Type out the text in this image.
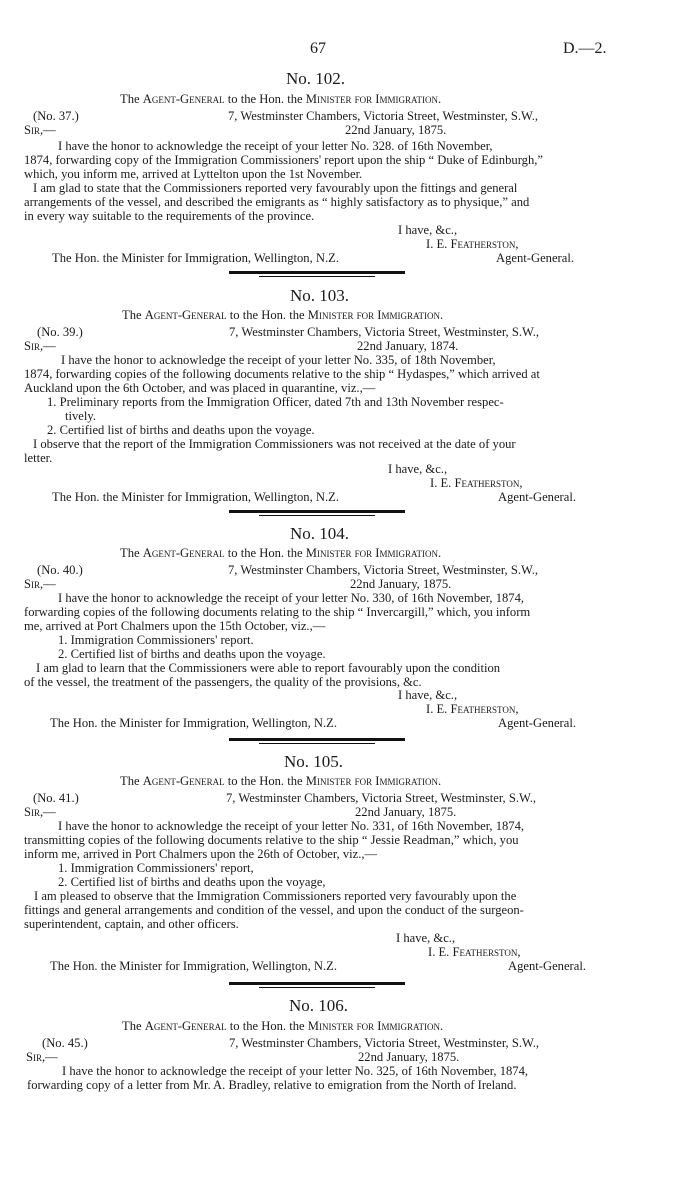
67	D.—2.
No. 102.
The Agent-General to the Hon. the Minister for Immigration.
(No. 37.)	7, Westminster Chambers, Victoria Street, Westminster, S.W.,
Sir,—	22nd January, 1875.
I have the honor to acknowledge the receipt of your letter No. 328. of 16th November,
1874, forwarding copy of the Immigration Commissioners' report upon the ship “ Duke of Edinburgh,”
which, you inform me, arrived at Lyttelton upon the 1st November.
I am glad to state that the Commissioners reported very favourably upon the fittings and general
arrangements of the vessel, and described the emigrants as “ highly satisfactory as to physique,” and
in every way suitable to the requirements of the province.
I have, &c.,
I. E. Featherston,
The Hon. the Minister for Immigration, Wellington, N.Z.	Agent-General.
No. 103.
The Agent-General to the Hon. the Minister for Immigration.
(No. 39.)	7, Westminster Chambers, Victoria Street, Westminster, S.W.,
Sir,—	22nd January, 1874.
I have the honor to acknowledge the receipt of your letter No. 335, of 18th November,
1874, forwarding copies of the following documents relative to the ship “ Hydaspes,” which arrived at
Auckland upon the 6th October, and was placed in quarantine, viz.,—
1. Preliminary reports from the Immigration Officer, dated 7th and 13th November respec-
tively.
2. Certified list of births and deaths upon the voyage.
I observe that the report of the Immigration Commissioners was not received at the date of your
letter.
I have, &c.,
I. E. Featherston,
The Hon. the Minister for Immigration, Wellington, N.Z.	Agent-General.
No. 104.
The Agent-General to the Hon. the Minister for Immigration.
(No. 40.)	7, Westminster Chambers, Victoria Street, Westminster, S.W.,
Sir,—	22nd January, 1875.
I have the honor to acknowledge the receipt of your letter No. 330, of 16th November, 1874,
forwarding copies of the following documents relating to the ship “ Invercargill,” which, you inform
me, arrived at Port Chalmers upon the 15th October, viz.,—
1. Immigration Commissioners' report.
2. Certified list of births and deaths upon the voyage.
I am glad to learn that the Commissioners were able to report favourably upon the condition
of the vessel, the treatment of the passengers, the quality of the provisions, &c.
I have, &c.,
I. E. Featherston,
The Hon. the Minister for Immigration, Wellington, N.Z.	Agent-General.
No. 105.
The Agent-General to the Hon. the Minister for Immigration.
(No. 41.)	7, Westminster Chambers, Victoria Street, Westminster, S.W.,
Sir,—	22nd January, 1875.
I have the honor to acknowledge the receipt of your letter No. 331, of 16th November, 1874,
transmitting copies of the following documents relative to the ship “ Jessie Readman,” which, you
inform me, arrived in Port Chalmers upon the 26th of October, viz.,—
1. Immigration Commissioners' report,
2. Certified list of births and deaths upon the voyage,
I am pleased to observe that the Immigration Commissioners reported very favourably upon the
fittings and general arrangements and condition of the vessel, and upon the conduct of the surgeon-
superintendent, captain, and other officers.
I have, &c.,
I. E. Featherston,
The Hon. the Minister for Immigration, Wellington, N.Z.	Agent-General.
No. 106.
The Agent-General to the Hon. the Minister for Immigration.
(No. 45.)	7, Westminster Chambers, Victoria Street, Westminster, S.W.,
Sir,—	22nd January, 1875.
I have the honor to acknowledge the receipt of your letter No. 325, of 16th November, 1874,
forwarding copy of a letter from Mr. A. Bradley, relative to emigration from the North of Ireland.
